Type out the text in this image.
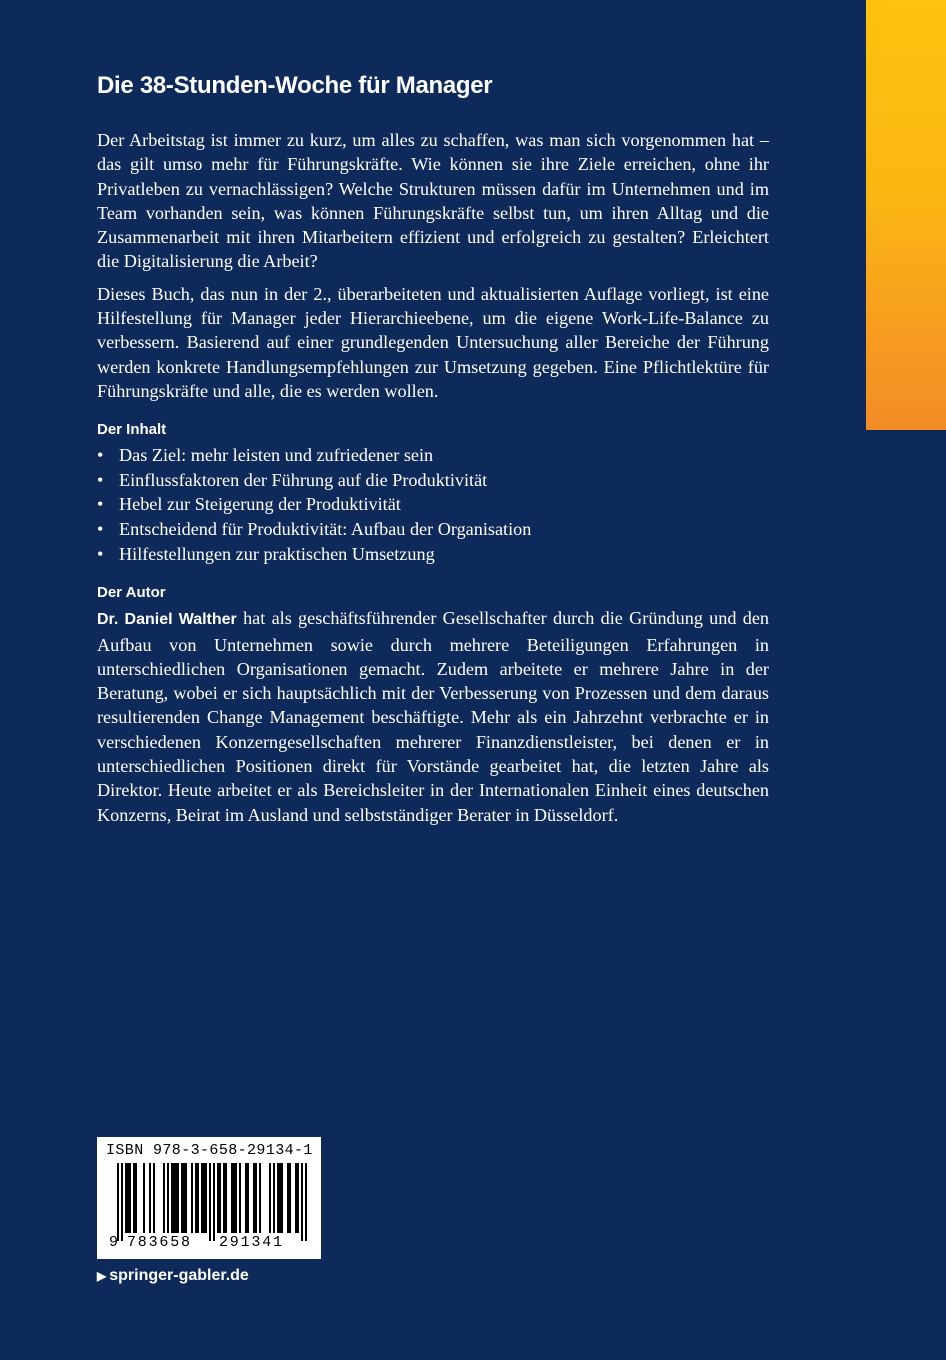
Die 38-Stunden-Woche für Manager

Der Arbeitstag ist immer zu kurz, um alles zu schaffen, was man sich vorgenommen hat – das gilt umso mehr für Führungskräfte. Wie können sie ihre Ziele erreichen, ohne ihr Privatleben zu vernachlässigen? Welche Strukturen müssen dafür im Unternehmen und im Team vorhanden sein, was können Führungskräfte selbst tun, um ihren Alltag und die Zusammenarbeit mit ihren Mitarbeitern effizient und erfolgreich zu gestalten? Erleichtert die Digitalisierung die Arbeit?

Dieses Buch, das nun in der 2., überarbeiteten und aktualisierten Auflage vorliegt, ist eine Hilfestellung für Manager jeder Hierarchieebene, um die eigene Work-Life-Balance zu verbessern. Basierend auf einer grundlegenden Untersuchung aller Bereiche der Führung werden konkrete Handlungsempfehlungen zur Umsetzung gegeben. Eine Pflichtlektüre für Führungskräfte und alle, die es werden wollen.

Der Inhalt
• Das Ziel: mehr leisten und zufriedener sein
• Einflussfaktoren der Führung auf die Produktivität
• Hebel zur Steigerung der Produktivität
• Entscheidend für Produktivität: Aufbau der Organisation
• Hilfestellungen zur praktischen Umsetzung
Der Autor

Dr. Daniel Walther hat als geschäftsführender Gesellschafter durch die Gründung und den Aufbau von Unternehmen sowie durch mehrere Beteiligungen Erfahrungen in unterschiedlichen Organisationen gemacht. Zudem arbeitete er mehrere Jahre in der Beratung, wobei er sich hauptsächlich mit der Verbesserung von Prozessen und dem daraus resultierenden Change Management beschäftigte. Mehr als ein Jahrzehnt verbrachte er in verschiedenen Konzerngesellschaften mehrerer Finanzdienstleister, bei denen er in unterschiedlichen Positionen direkt für Vorstände gearbeitet hat, die letzten Jahre als Direktor. Heute arbeitet er als Bereichsleiter in der Internationalen Einheit eines deutschen Konzerns, Beirat im Ausland und selbstständiger Berater in Düsseldorf.

ISBN 978-3-658-29134-1
9 783658 291341
▶ springer-gabler.de
